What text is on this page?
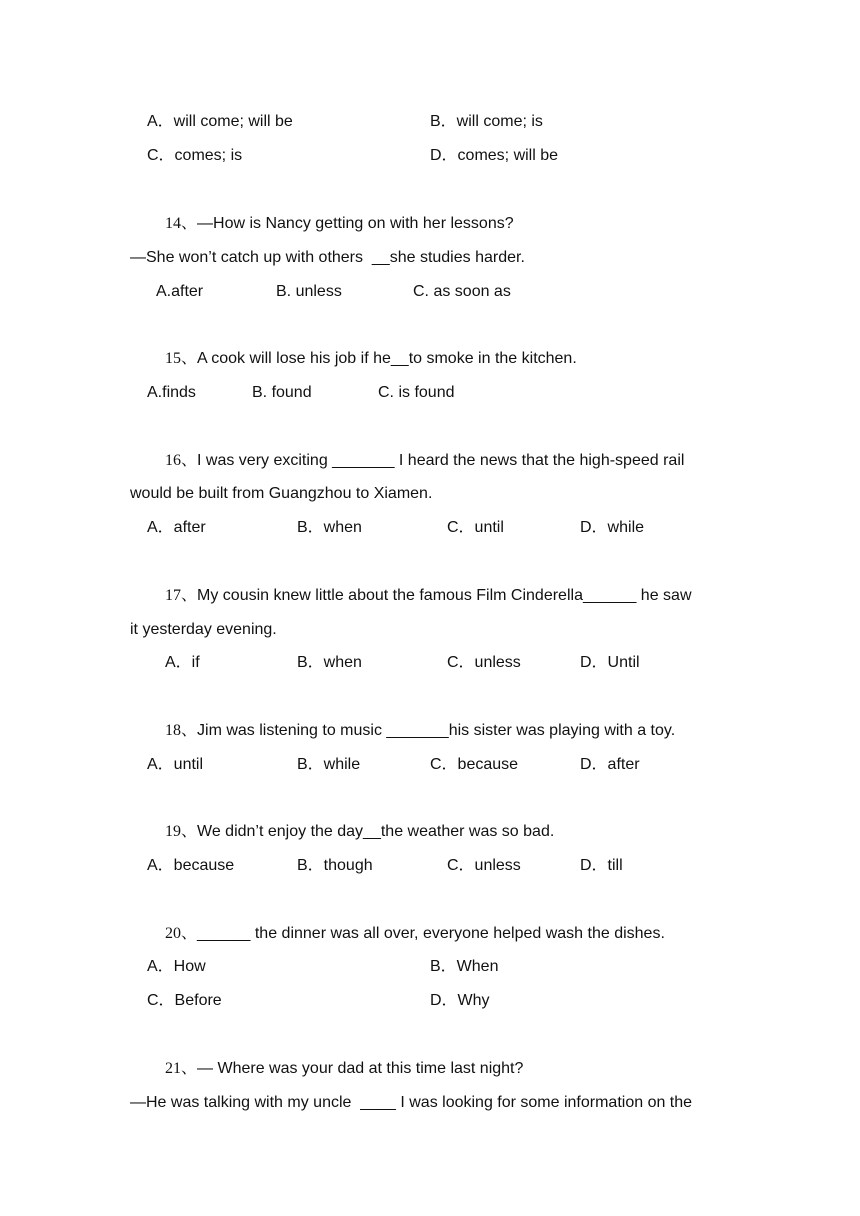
A．will come; will be	B．will come; is
C．comes; is	D．comes; will be
14、—How is Nancy getting on with her lessons?
—She won’t catch up with others  __she studies harder.
A.after	B. unless	C. as soon as
15、A cook will lose his job if he__to smoke in the kitchen.
A.finds	B. found	C. is found
16、I was very exciting _______ I heard the news that the high-speed rail
would be built from Guangzhou to Xiamen.
A．after	B．when	C．until	D．while
17、My cousin knew little about the famous Film Cinderella______ he saw
it yesterday evening.
A．if	B．when	C．unless	D．Until
18、Jim was listening to music _______his sister was playing with a toy.
A．until	B．while	C．because	D．after
19、We didn’t enjoy the day__the weather was so bad.
A．because	B．though	C．unless	D．till
20、______ the dinner was all over, everyone helped wash the dishes.
A．How	B．When
C．Before	D．Why
21、— Where was your dad at this time last night?
—He was talking with my uncle  ____ I was looking for some information on the
